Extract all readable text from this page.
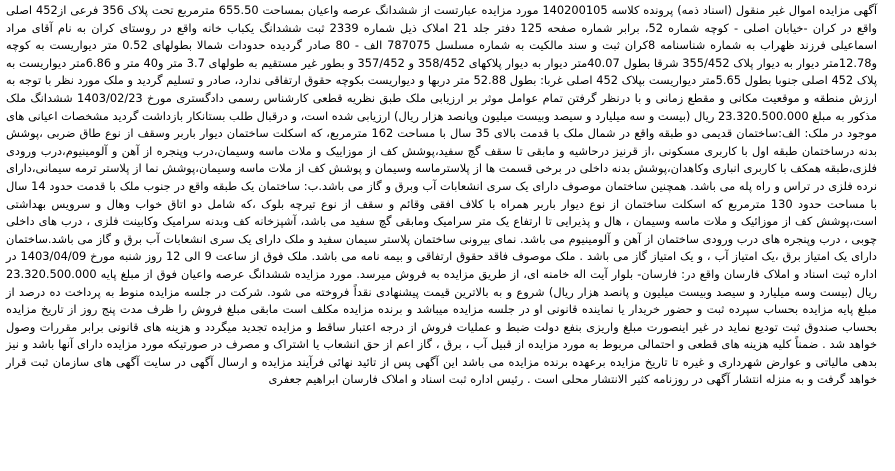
آگهی مزایده اموال غیر منقول (اسناد ذمه) پرونده کلاسه 140200105 مورد مزایده عبارتست از ششدانگ عرصه واعیان بمساحت 655.50 مترمربع تحت پلاک 356 فرعی از452 اصلی واقع در کران -خیابان اصلی - کوچه شماره 52، برابر شماره صفحه 125 دفتر جلد 21 املاک ذیل شماره 2339 ثبت ششدانگ یکباب خانه واقع در روستای کران به نام آقای مراد اسماعیلی فرزند ظهراب به شماره شناسنامه 8کران ثبت و سند مالکیت به شماره مسلسل 787075 الف - 80 صادر گردیده حدودات شمالا بطولهای 0.52 متر دیواریست به کوچه و12.78متر دیوار به دیوار پلاک 355/452 شرقا بطول 40.07متر دیوار به دیوار پلاکهای 358/452 و 357/452 و بطور غیر مستقیم به طولهای 3.7 متر و40 متر و 6.86متر دیواریست به پلاک 452 اصلی جنوبا بطول 5.65متر دیواریست بپلاک 452 اصلی غربا: بطول 52.88 متر دربها و دیواریست بکوچه حقوق ارتفاقی ندارد، صادر و تسلیم گردید و ملک مورد نظر با توجه به ارزش منطقه و موقعیت مکانی و مقطع زمانی و با درنظر گرفتن تمام عوامل موثر بر ارزیابی ملک طبق نظریه قطعی کارشناس رسمی دادگستری مورخ 1403/02/23 ششدانگ ملک مذکور به مبلغ 23.320.500.000 ریال (بیست و سه میلیارد و سیصد وبیست میلیون وپانصد هزار ریال) ارزیابی شده است، و درقبال طلب بستانکار بازداشت گردید مشخصات اعیانی های موجود در ملک: الف:ساختمان قدیمی دو طبقه واقع در شمال ملک با قدمت بالای 35 سال با مساحت 162 مترمربع، که اسکلت ساختمان دیوار باربر وسقف از نوع طاق ضربی ،پوشش بدنه درساختمان طبقه اول با کاربری مسکونی ،از قرنیز درحاشیه و مابقی تا سقف گچ سفید،پوشش کف از موزاییک و ملات ماسه وسیمان،درب وپنجره از آهن و آلومینیوم،درب ورودی فلزی،طبقه همکف با کاربری انباری وکاهدان،پوشش بدنه داخلی در برخی قسمت ها از پلاسترماسه وسیمان و پوشش کف از ملات ماسه وسیمان،پوشش نما از پلاستر ترمه سیمانی،دارای نرده فلزی در تراس و راه پله می باشد. همچنین ساختمان موصوف دارای یک سری انشعابات آب وبرق و گاز می باشد.ب: ساختمان یک طبقه واقع در جنوب ملک با قدمت حدود 14 سال با مساحت حدود 130 مترمربع که اسکلت ساختمان از نوع دیوار باربر همراه با کلاف افقی وقائم و سقف از نوع تیرچه بلوک ،که شامل دو اتاق خواب وهال و سرویس بهداشتی است،پوشش کف از موزائیک و ملات ماسه وسیمان ، هال و پذیرایی تا ارتفاع یک متر سرامیک ومابقی گچ سفید می باشد، آشپزخانه کف وبدنه سرامیک وکابینت فلزی ، درب های داخلی چوبی ، درب وپنجره های درب ورودی ساختمان از آهن و آلومینیوم می باشد. نمای بیرونی ساختمان پلاستر سیمان سفید و ملک دارای یک سری انشعابات آب برق و گاز می باشد.ساختمان دارای یک امتیاز برق ،یک امتیاز آب ، و یک امتیاز گاز می باشد . ملک موصوف فاقد حقوق ارتفاقی و بیمه نامه می باشد. ملک فوق از ساعت 9 الی 12 روز شنبه مورخ 1403/04/09 در اداره ثبت اسناد و املاک فارسان واقع در: فارسان- بلوار آیت اله خامنه ای، از طریق مزایده به فروش میرسد. مورد مزایده ششدانگ عرصه واعیان فوق از مبلغ پایه 23.320.500.000 ریال (بیست وسه میلیارد و سیصد وبیست میلیون و پانصد هزار ریال) شروع و به بالاترین قیمت پیشنهادی نقداً فروخته می شود. شرکت در جلسه مزایده منوط به پرداخت ده درصد از مبلغ پایه مزایده بحساب سپرده ثبت و حضور خریدار یا نماینده قانونی او در جلسه مزایده میباشد و برنده مزایده مکلف است مابقی مبلغ فروش را ظرف مدت پنج روز از تاریخ مزایده بحساب صندوق ثبت تودیع نماید در غیر اینصورت مبلغ واریزی بنفع دولت ضبط و عملیات فروش از درجه اعتبار ساقط و مزایده تجدید میگردد و هزینه های قانونی برابر مقررات وصول خواهد شد . ضمناً کلیه هزینه های قطعی و احتمالی مربوط به مورد مزایده از قبیل آب ، برق ، گاز اعم از حق انشعاب یا اشتراک و مصرف در صورتیکه مورد مزایده دارای آنها باشد و نیز بدهی مالیاتی و عوارض شهرداری و غیره تا تاریخ مزایده برعهده برنده مزایده می باشد این آگهی پس از تائید نهائی فرآیند مزایده و ارسال آگهی در سایت آگهی های سازمان ثبت قرار خواهد گرفت و به منزله انتشار آگهی در روزنامه کثیر الانتشار محلی است . رئیس اداره ثبت اسناد و املاک فارسان ابراهیم جعفری
